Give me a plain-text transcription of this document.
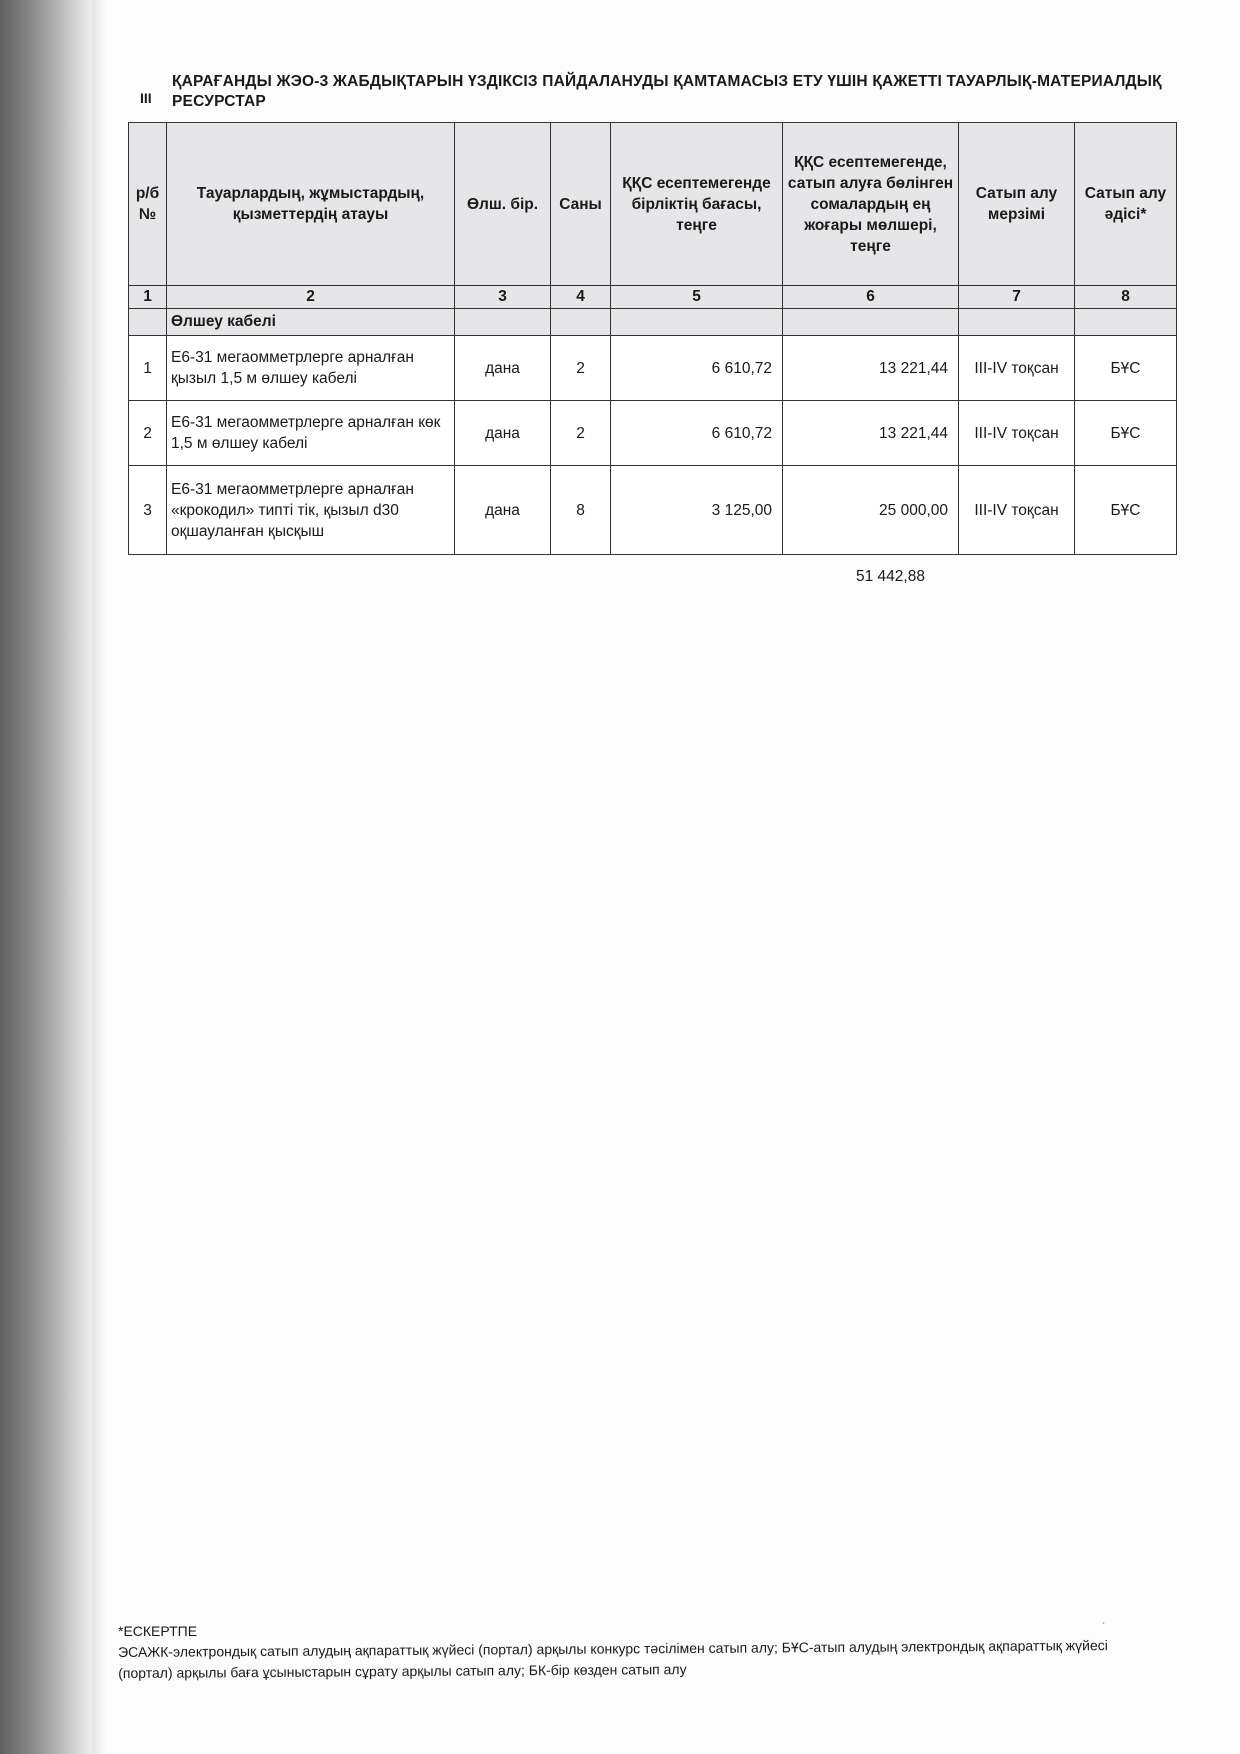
III
ҚАРАҒАНДЫ ЖЭО-3 ЖАБДЫҚТАРЫН ҮЗДІКСІЗ ПАЙДАЛАНУДЫ ҚАМТАМАСЫЗ ЕТУ ҮШІН ҚАЖЕТТІ ТАУАРЛЫҚ-МАТЕРИАЛДЫҚ РЕСУРСТАР
р/б №	Тауарлардың, жұмыстардың, қызметтердің атауы	Өлш. бір.	Саны	ҚҚС есептемегенде бірліктің бағасы, теңге	ҚҚС есептемегенде, сатып алуға бөлінген сомалардың ең жоғары мөлшері, теңге	Сатып алу мерзімі	Сатып алу әдісі*
1	2	3	4	5	6	7	8
	Өлшеу кабелі						
1	Е6-31 мегаомметрлерге арналған қызыл 1,5 м өлшеу кабелі	дана	2	6 610,72	13 221,44	ІІІ-ІV тоқсан	БҰС
2	Е6-31 мегаомметрлерге арналған көк 1,5 м өлшеу кабелі	дана	2	6 610,72	13 221,44	ІІІ-ІV тоқсан	БҰС
3	Е6-31 мегаомметрлерге арналған «крокодил» типті тік, қызыл d30 оқшауланған қысқыш	дана	8	3 125,00	25 000,00	ІІІ-ІV тоқсан	БҰС
51 442,88
¸
*ЕСКЕРТПЕ
ЭСАЖК-электрондық сатып алудың ақпараттық жүйесі (портал) арқылы конкурс тәсілімен сатып алу; БҰС-атып алудың электрондық ақпараттық жүйесі (портал) арқылы баға ұсыныстарын сұрату арқылы сатып алу; БК-бір көзден сатып алу
